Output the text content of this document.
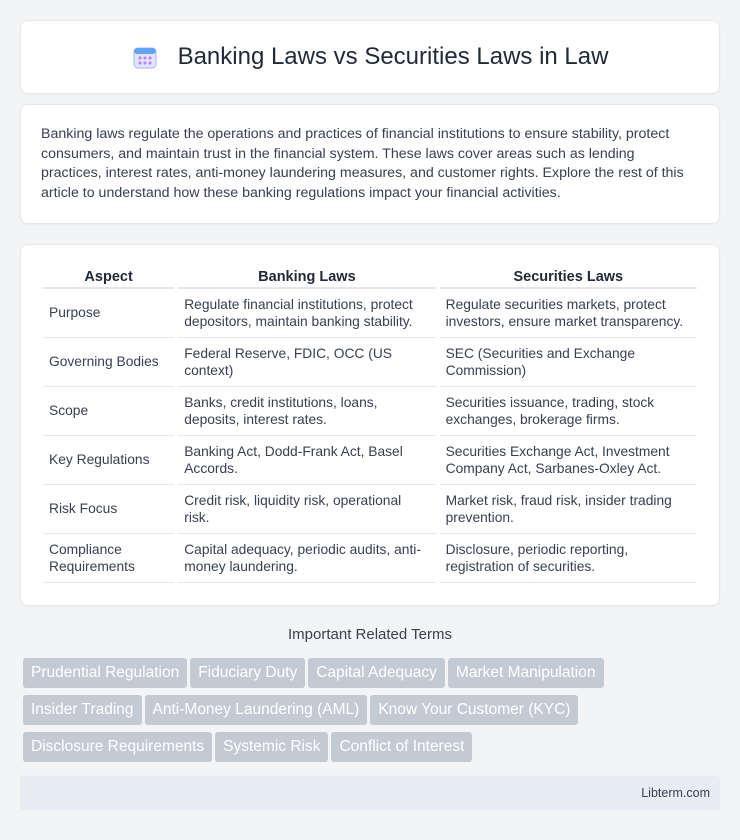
Banking Laws vs Securities Laws in Law

Banking laws regulate the operations and practices of financial institutions to ensure stability, protect consumers, and maintain trust in the financial system. These laws cover areas such as lending practices, interest rates, anti-money laundering measures, and customer rights. Explore the rest of this article to understand how these banking regulations impact your financial activities.

Aspect	Banking Laws	Securities Laws
Purpose	Regulate financial institutions, protect depositors, maintain banking stability.	Regulate securities markets, protect investors, ensure market transparency.
Governing Bodies	Federal Reserve, FDIC, OCC (US context)	SEC (Securities and Exchange Commission)
Scope	Banks, credit institutions, loans, deposits, interest rates.	Securities issuance, trading, stock exchanges, brokerage firms.
Key Regulations	Banking Act, Dodd-Frank Act, Basel Accords.	Securities Exchange Act, Investment Company Act, Sarbanes-Oxley Act.
Risk Focus	Credit risk, liquidity risk, operational risk.	Market risk, fraud risk, insider trading prevention.
Compliance Requirements	Capital adequacy, periodic audits, anti-money laundering.	Disclosure, periodic reporting, registration of securities.
Important Related Terms
Prudential Regulation Fiduciary Duty Capital Adequacy Market Manipulation
Insider Trading Anti-Money Laundering (AML) Know Your Customer (KYC)
Disclosure Requirements Systemic Risk Conflict of Interest
Libterm.com
